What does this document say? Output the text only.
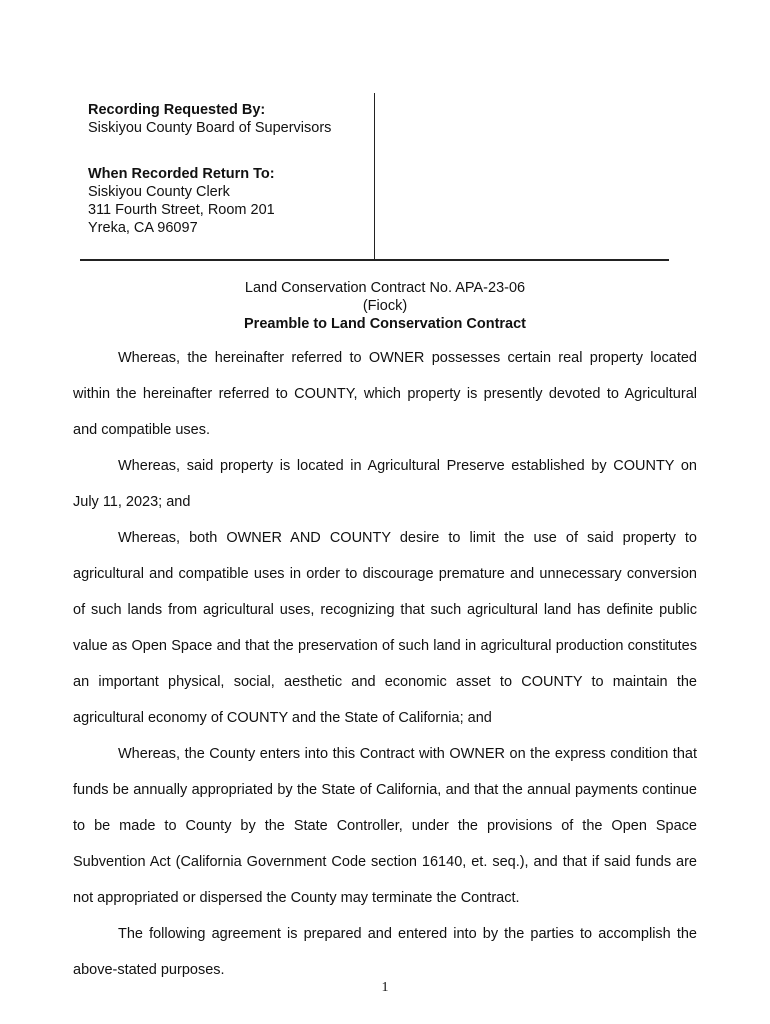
Recording Requested By:
Siskiyou County Board of Supervisors
When Recorded Return To:
Siskiyou County Clerk
311 Fourth Street, Room 201
Yreka, CA 96097
Land Conservation Contract No. APA-23-06
(Fiock)
Preamble to Land Conservation Contract

Whereas, the hereinafter referred to OWNER possesses certain real property located within the hereinafter referred to COUNTY, which property is presently devoted to Agricultural and compatible uses.

Whereas, said property is located in Agricultural Preserve established by COUNTY on July 11, 2023; and

Whereas, both OWNER AND COUNTY desire to limit the use of said property to agricultural and compatible uses in order to discourage premature and unnecessary conversion of such lands from agricultural uses, recognizing that such agricultural land has definite public value as Open Space and that the preservation of such land in agricultural production constitutes an important physical, social, aesthetic and economic asset to COUNTY to maintain the agricultural economy of COUNTY and the State of California; and

Whereas, the County enters into this Contract with OWNER on the express condition that funds be annually appropriated by the State of California, and that the annual payments continue to be made to County by the State Controller, under the provisions of the Open Space Subvention Act (California Government Code section 16140, et. seq.), and that if said funds are not appropriated or dispersed the County may terminate the Contract.

The following agreement is prepared and entered into by the parties to accomplish the above-stated purposes.

1
